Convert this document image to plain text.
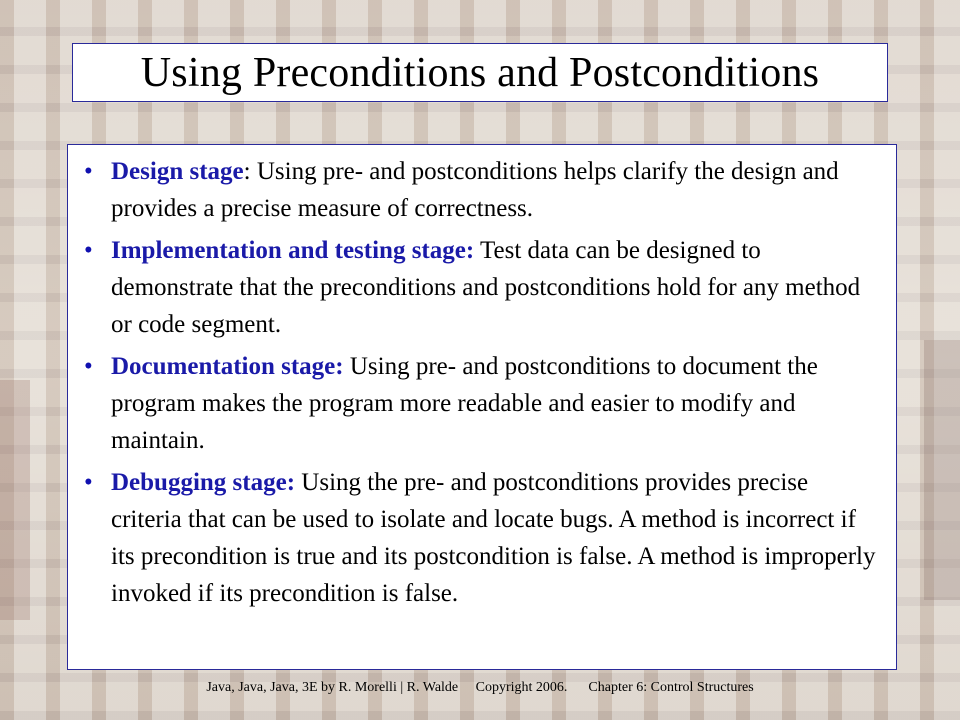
Using Preconditions and Postconditions
• Design stage: Using pre- and postconditions helps clarify the design and provides a precise measure of correctness.
• Implementation and testing stage: Test data can be designed to demonstrate that the preconditions and postconditions hold for any method or code segment.
• Documentation stage: Using pre- and postconditions to document the program makes the program more readable and easier to modify and maintain.
• Debugging stage: Using the pre- and postconditions provides precise criteria that can be used to isolate and locate bugs. A method is incorrect if its precondition is true and its postcondition is false. A method is improperly invoked if its precondition is false.
Java, Java, Java, 3E by R. Morelli | R. Walde     Copyright 2006.      Chapter 6: Control Structures
